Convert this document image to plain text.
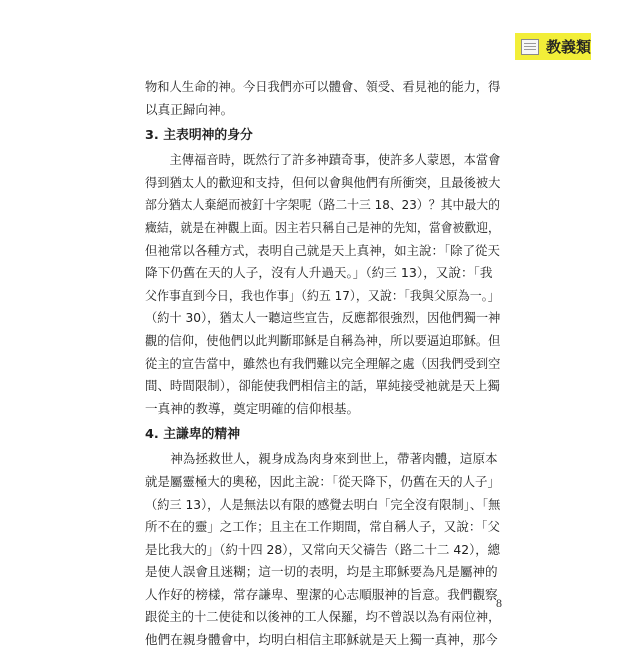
教義類

物和人生命的神。今日我們亦可以體會、領受、看見祂的能力，得
以真正歸向神。

3. 主表明神的身分

　　主傳福音時，既然行了許多神蹟奇事，使許多人蒙恩，本當會
得到猶太人的歡迎和支持，但何以會與他們有所衝突，且最後被大
部分猶太人棄絕而被釘十字架呢（路二十三 18、23）？其中最大的
癥結，就是在神觀上面。因主若只稱自己是神的先知，當會被歡迎，
但祂常以各種方式，表明自己就是天上真神，如主說：「除了從天
降下仍舊在天的人子，沒有人升過天。」（約三 13），又說：「我
父作事直到今日，我也作事」（約五 17），又說：「我與父原為一。」
（約十 30），猶太人一聽這些宣告，反應都很強烈，因他們獨一神
觀的信仰，使他們以此判斷耶穌是自稱為神，所以要逼迫耶穌。但
從主的宣告當中，雖然也有我們難以完全理解之處（因我們受到空
間、時間限制），卻能使我們相信主的話，單純接受祂就是天上獨
一真神的教導，奠定明確的信仰根基。

4. 主謙卑的精神

　　神為拯救世人，親身成為肉身來到世上，帶著肉體，這原本
就是屬靈極大的奧秘，因此主說：「從天降下，仍舊在天的人子」
（約三 13），人是無法以有限的感覺去明白「完全沒有限制」、「無
所不在的靈」之工作；且主在工作期間，常自稱人子，又說：「父
是比我大的」（約十四 28），又常向天父禱告（路二十二 42），總
是使人誤會且迷糊；這一切的表明，均是主耶穌要為凡是屬神的
人作好的榜樣，常存謙卑、聖潔的心志順服神的旨意。我們觀察
跟從主的十二使徒和以後神的工人保羅，均不曾誤以為有兩位神，
他們在親身體會中，均明白相信主耶穌就是天上獨一真神，那今

8
